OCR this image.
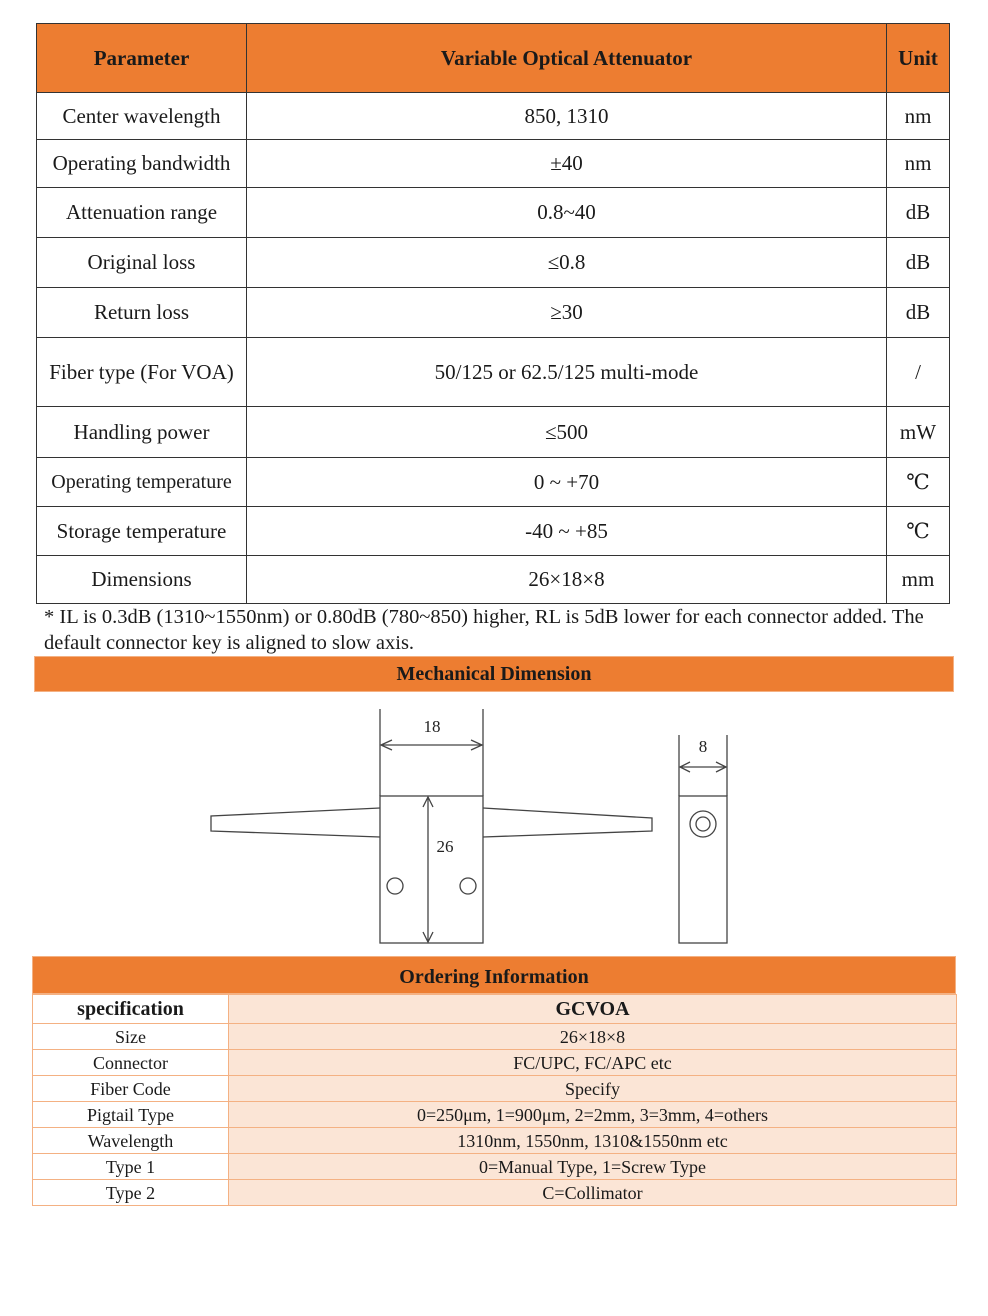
Parameter	Variable Optical Attenuator	Unit
Center wavelength	850, 1310	nm
Operating bandwidth	±40	nm
Attenuation range	0.8~40	dB
Original loss	≤0.8	dB
Return loss	≥30	dB
Fiber type (For VOA)	50/125 or 62.5/125 multi-mode	/
Handling power	≤500	mW
Operating temperature	0 ~ +70	℃
Storage temperature	-40 ~ +85	℃
Dimensions	26×18×8	mm
* IL is 0.3dB (1310~1550nm) or 0.80dB (780~850) higher, RL is 5dB lower for each connector added. The default connector key is aligned to slow axis.
Mechanical Dimension
18
26
8
Ordering Information
specification	GCVOA
Size	26×18×8
Connector	FC/UPC, FC/APC etc
Fiber Code	Specify
Pigtail Type	0=250μm, 1=900μm, 2=2mm, 3=3mm, 4=others
Wavelength	1310nm, 1550nm, 1310&1550nm etc
Type 1	0=Manual Type, 1=Screw Type
Type 2	C=Collimator
